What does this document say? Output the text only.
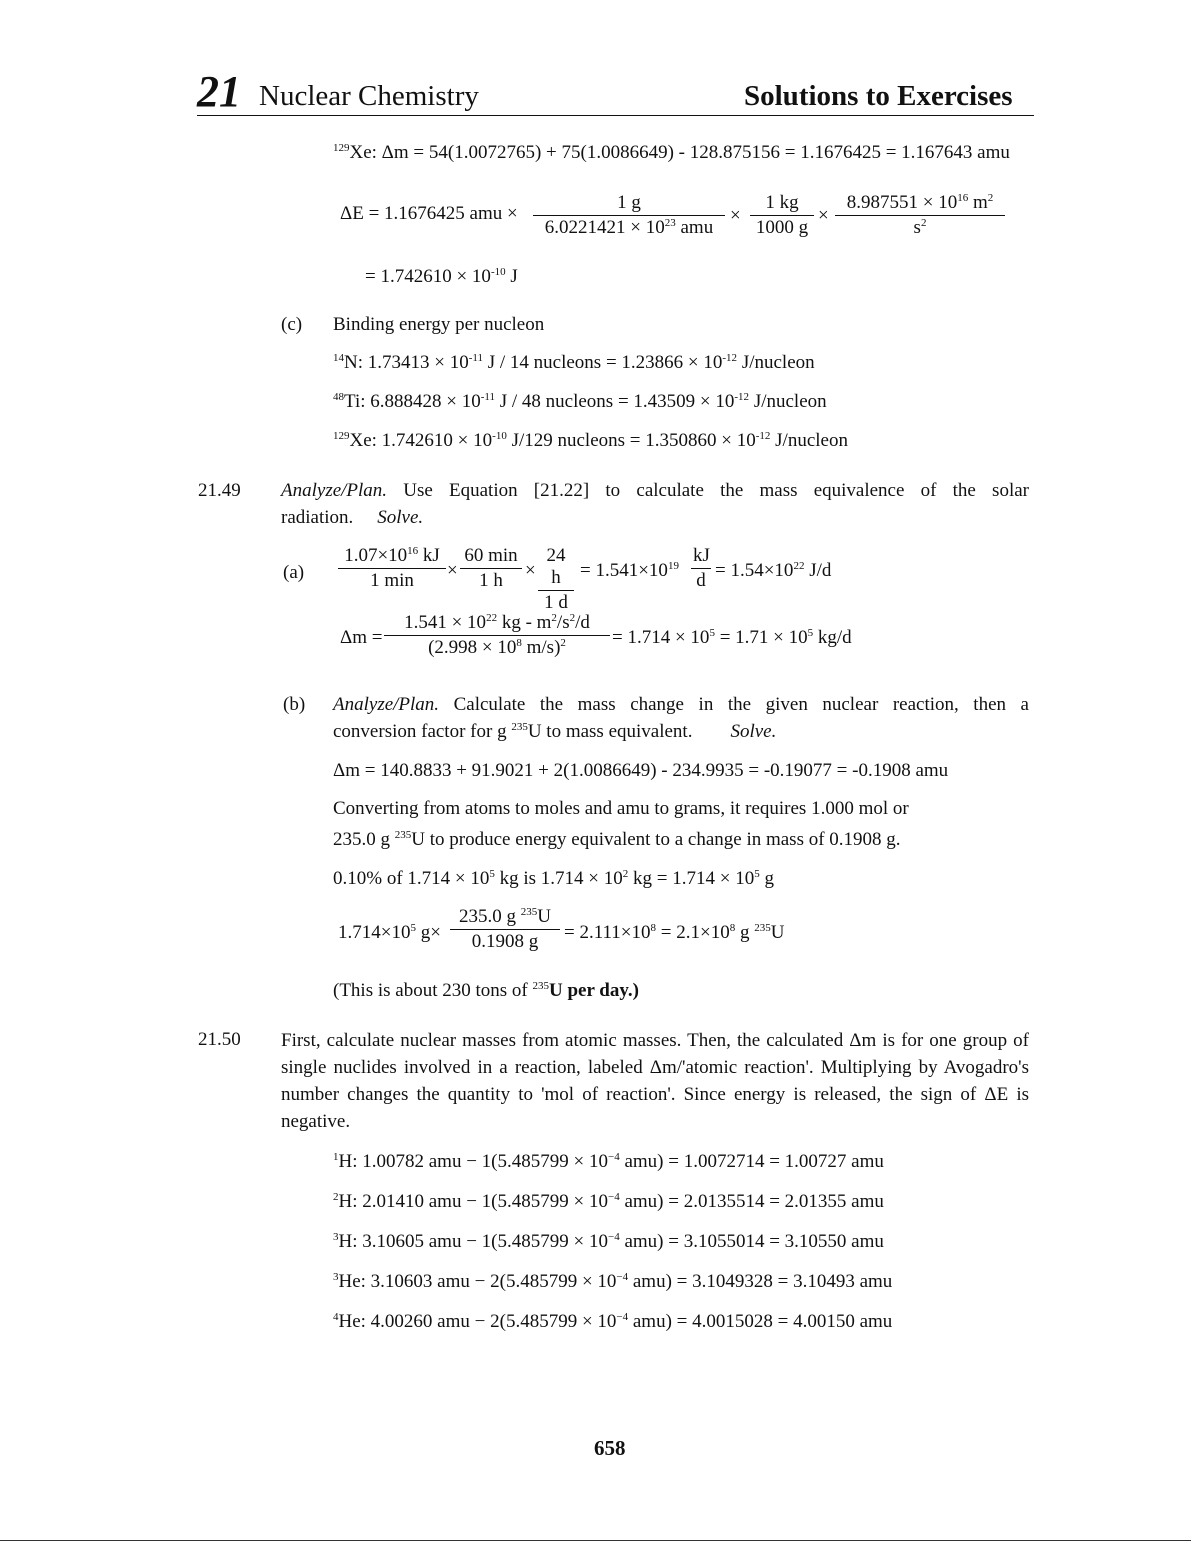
21 Nuclear Chemistry	Solutions to Exercises
$^{129}$Xe: Δm = 54(1.0072765) + 75(1.0086649) - 128.875156 = 1.1676425 = 1.167643 amu
ΔE = 1.1676425 amu ×
1 g
$6.0221421 \times 10^{23}$ amu
× $\frac{1 kg}{1000 g} \times \frac{8.987551 \times 10^{16} m^2}{s^2}$
= $1.742610 \times 10^{-10}$ J
(c) Binding energy per nucleon
$^{14}$N: $1.73413 \times 10^{-11}$ J / 14 nucleons = $1.23866 \times 10^{-12}$ J/nucleon
$^{48}$Ti: $6.888428 \times 10^{-11}$ J / 48 nucleons = $1.43509 \times 10^{-12}$ J/nucleon
$^{129}$Xe: $1.742610 \times 10^{-10}$ J/129 nucleons = $1.350860 \times 10^{-12}$ J/nucleon
21.49 Analyze/Plan. Use Equation [21.22] to calculate the mass equivalence of the solar
radiation. Solve.
(a)
$1.07\times 10^{16}$ kJ
1 min	×
60 min
1 h	× $\frac{24 h}{1 d} = 1.541\times 10^{19} \frac{kJ}{d} = 1.54\times 10^{22}$ J/d
$\Delta m = \frac{1.541 \times 10^{22} kg - m^2/s^2/d}{(2.998 \times 10^8 m/s)^2} = 1.714 \times 10^5 = 1.71 \times 10^5$ kg/d
(b) Analyze/Plan. Calculate the mass change in the given nuclear reaction, then a
conversion factor for g $^{235}$U to mass equivalent. Solve.
Δm = 140.8833 + 91.9021 + 2(1.0086649) - 234.9935 = -0.19077 = -0.1908 amu
Converting from atoms to moles and amu to grams, it requires 1.000 mol or
235.0 g $^{235}$U to produce energy equivalent to a change in mass of 0.1908 g.
0.10% of $1.714 \times 10^5$ kg is $1.714 \times 10^2$ kg = $1.714 \times 10^5$ g
$1.714\times 10^5$ $g\times \frac{235.0 g ^{235}U}{0.1908 g} = 2.111\times 10^8 = 2.1\times 10^8$ g $^{235}$U
(This is about 230 tons of $^{235}$U per day.)
21.50 First, calculate nuclear masses from atomic masses. Then, the calculated Δm is for one group of single nuclides involved in a reaction, labeled Δm/'atomic reaction'. Multiplying by Avogadro's number changes the quantity to 'mol of reaction'. Since energy is released, the sign of ΔE is negative.
$^1$H: 1.00782 amu − $1(5.485799 \times 10^{-4}$ amu) = 1.0072714 = 1.00727 amu
$^2$H: 2.01410 amu − $1(5.485799 \times 10^{-4}$ amu) = 2.0135514 = 2.01355 amu
$^3$H: 3.10605 amu − $1(5.485799 \times 10^{-4}$ amu) = 3.1055014 = 3.10550 amu
$^3$He: 3.10603 amu − $2(5.485799 \times 10^{-4}$ amu) = 3.1049328 = 3.10493 amu
$^4$He: 4.00260 amu − $2(5.485799 \times 10^{-4}$ amu) = 4.0015028 = 4.00150 amu
658
